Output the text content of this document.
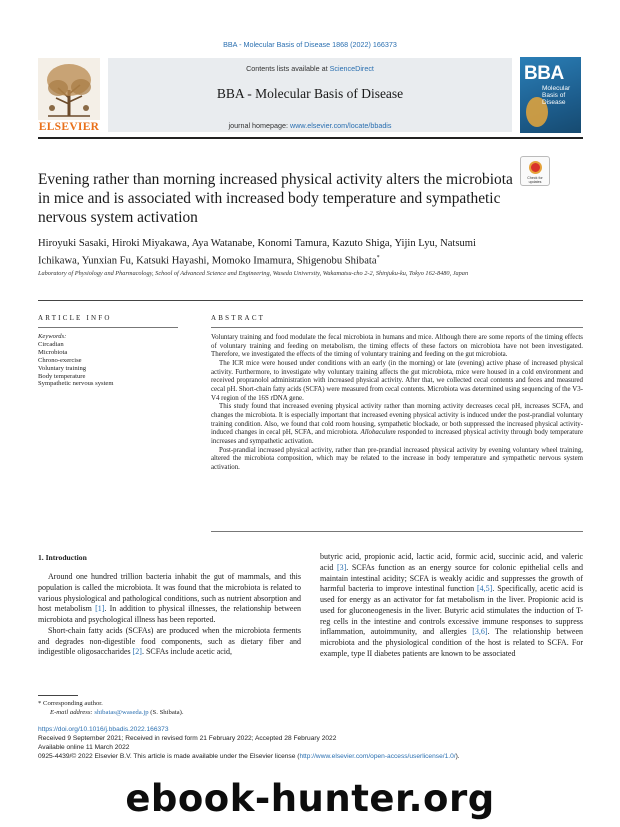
BBA - Molecular Basis of Disease 1868 (2022) 166373
ELSEVIER
Contents lists available at ScienceDirect
BBA - Molecular Basis of Disease
journal homepage: www.elsevier.com/locate/bbadis
BBA
Molecular
Basis of
Disease
Check for
updates
Evening rather than morning increased physical activity alters the microbiota in mice and is associated with increased body temperature and sympathetic nervous system activation
Hiroyuki Sasaki, Hiroki Miyakawa, Aya Watanabe, Konomi Tamura, Kazuto Shiga, Yijin Lyu, Natsumi Ichikawa, Yunxian Fu, Katsuki Hayashi, Momoko Imamura, Shigenobu Shibata*
Laboratory of Physiology and Pharmacology, School of Advanced Science and Engineering, Waseda University, Wakamatsu-cho 2-2, Shinjuku-ku, Tokyo 162-8480, Japan
ARTICLE INFO	ABSTRACT
Keywords:
Circadian
Microbiota
Chrono-exercise
Voluntary training
Body temperature
Sympathetic nervous system

Voluntary training and food modulate the fecal microbiota in humans and mice. Although there are some reports of the timing effects of voluntary training and feeding on metabolism, the timing effects of these factors on microbiota have not been investigated. Therefore, we investigated the effects of the timing of voluntary training and feeding on the gut microbiota.

The ICR mice were housed under conditions with an early (in the morning) or late (evening) active phase of increased physical activity. Furthermore, to investigate why voluntary training affects the gut microbiota, mice were housed in a cold environment and received propranolol administration with increased physical activity. After that, we collected cecal contents and feces and measured cecal pH. Short-chain fatty acids (SCFA) were measured from cecal contents. Microbiota was determined using sequencing of the V3-V4 region of the 16S rDNA gene.

This study found that increased evening physical activity rather than morning activity decreases cecal pH, increases SCFA, and changes the microbiota. It is especially important that increased evening physical activity is induced under the post-prandial voluntary training condition. Also, we found that cold room housing, sympathetic blockade, or both suppressed the increased physical activity-induced changes in cecal pH, SCFA, and microbiota. Allobaculum responded to increased physical activity through body temperature increases and sympathetic activation.

Post-prandial increased physical activity, rather than pre-prandial increased physical activity by evening voluntary wheel training, altered the microbiota composition, which may be related to the increase in body temperature and sympathetic nervous system activation.

1. Introduction

Around one hundred trillion bacteria inhabit the gut of mammals, and this population is called the microbiota. It was found that the microbiota is related to various physiological and pathological conditions, such as nutrient absorption and host metabolism [1]. In addition to physical illnesses, the relationship between microbiota and psychological illness has been reported.

Short-chain fatty acids (SCFAs) are produced when the microbiota ferments and degrades non-digestible food components, such as dietary fiber and indigestible oligosaccharides [2]. SCFAs include acetic acid,

butyric acid, propionic acid, lactic acid, formic acid, succinic acid, and valeric acid [3]. SCFAs function as an energy source for colonic epithelial cells and maintain intestinal acidity; SCFA is weakly acidic and suppresses the growth of harmful bacteria to improve intestinal function [4,5]. Specifically, acetic acid is used for energy as an activator for fat metabolism in the liver. Propionic acid is used for gluconeogenesis in the liver. Butyric acid stimulates the induction of T-reg cells in the intestine and controls excessive immune responses to suppress inflammation, autoimmunity, and allergies [3,6]. The relationship between microbiota and the physiological condition of the host is related to SCFA. For example, type II diabetes patients are known to be associated

* Corresponding author.
E-mail address: shibatas@waseda.jp (S. Shibata).
https://doi.org/10.1016/j.bbadis.2022.166373
Received 9 September 2021; Received in revised form 21 February 2022; Accepted 28 February 2022
Available online 11 March 2022
0925-4439/© 2022 Elsevier B.V. This article is made available under the Elsevier license (http://www.elsevier.com/open-access/userlicense/1.0/).
ebook-hunter.org
